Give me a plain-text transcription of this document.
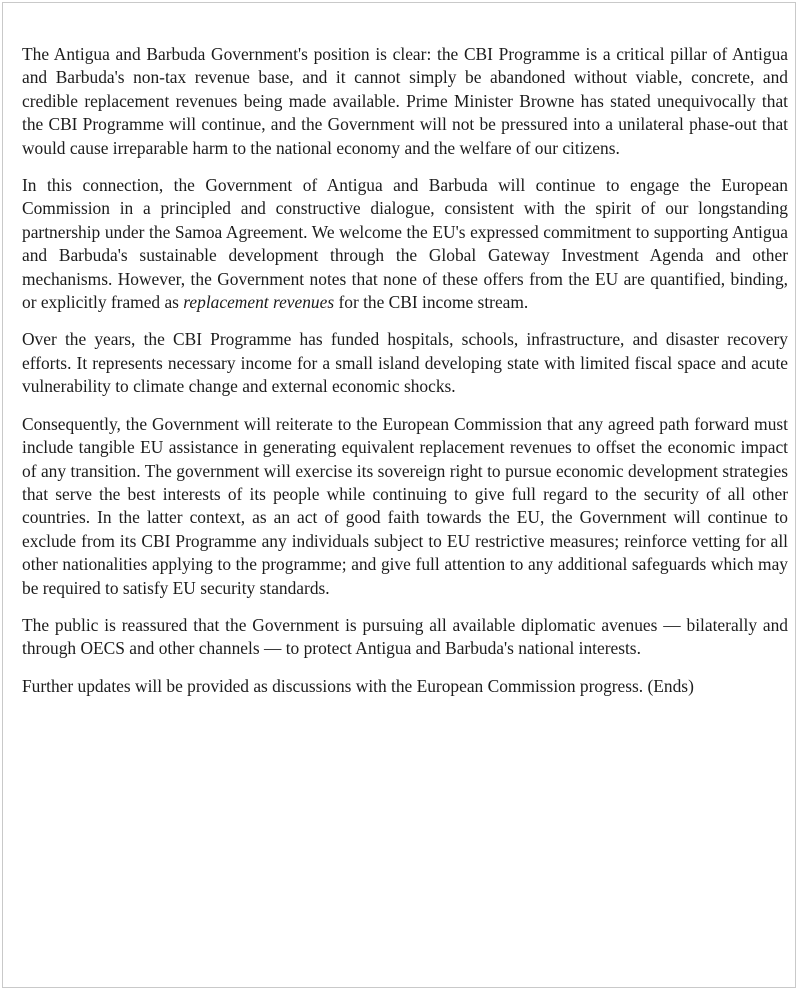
The Antigua and Barbuda Government's position is clear: the CBI Programme is a critical pillar of Antigua and Barbuda's non-tax revenue base, and it cannot simply be abandoned without viable, concrete, and credible replacement revenues being made available. Prime Minister Browne has stated unequivocally that the CBI Programme will continue, and the Government will not be pressured into a unilateral phase-out that would cause irreparable harm to the national economy and the welfare of our citizens.

In this connection, the Government of Antigua and Barbuda will continue to engage the European Commission in a principled and constructive dialogue, consistent with the spirit of our longstanding partnership under the Samoa Agreement. We welcome the EU's expressed commitment to supporting Antigua and Barbuda's sustainable development through the Global Gateway Investment Agenda and other mechanisms. However, the Government notes that none of these offers from the EU are quantified, binding, or explicitly framed as replacement revenues for the CBI income stream.

Over the years, the CBI Programme has funded hospitals, schools, infrastructure, and disaster recovery efforts. It represents necessary income for a small island developing state with limited fiscal space and acute vulnerability to climate change and external economic shocks.

Consequently, the Government will reiterate to the European Commission that any agreed path forward must include tangible EU assistance in generating equivalent replacement revenues to offset the economic impact of any transition. The government will exercise its sovereign right to pursue economic development strategies that serve the best interests of its people while continuing to give full regard to the security of all other countries. In the latter context, as an act of good faith towards the EU, the Government will continue to exclude from its CBI Programme any individuals subject to EU restrictive measures; reinforce vetting for all other nationalities applying to the programme; and give full attention to any additional safeguards which may be required to satisfy EU security standards.

The public is reassured that the Government is pursuing all available diplomatic avenues — bilaterally and through OECS and other channels — to protect Antigua and Barbuda's national interests.

Further updates will be provided as discussions with the European Commission progress. (Ends)
